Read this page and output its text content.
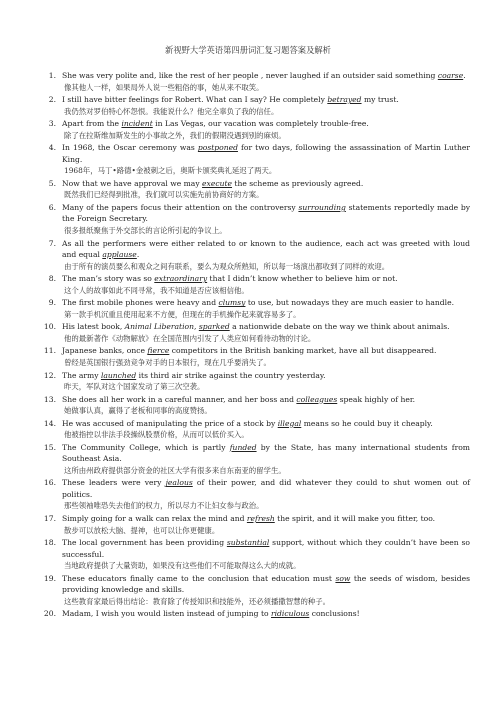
新视野大学英语第四册词汇复习题答案及解析
1. She was very polite and, like the rest of her people , never laughed if an outsider said something coarse.
像其他人一样，如果局外人说一些粗俗的事，她从来不取笑。
2. I still have bitter feelings for Robert. What can I say? He completely betrayed my trust.
我仍然对罗伯特心怀怨恨。我能说什么？他完全辜负了我的信任。
3. Apart from the incident in Las Vegas, our vacation was completely trouble-free.
除了在拉斯维加斯发生的小事故之外，我们的假期没遇到别的麻烦。
4. In 1968, the Oscar ceremony was postponed for two days, following the assassination of Martin Luther King.
1968年，马丁•路德•金被刺之后，奥斯卡颁奖典礼延迟了两天。
5. Now that we have approval we may execute the scheme as previously agreed.
既然我们已经得到批准，我们就可以实施先前协商好的方案。
6. Many of the papers focus their attention on the controversy surrounding statements reportedly made by the Foreign Secretary.
很多报纸聚焦于外交部长的言论所引起的争议上。
7. As all the performers were either related to or known to the audience, each act was greeted with loud and equal applause.
由于所有的演员要么和观众之间有联系，要么为观众所熟知，所以每一场演出都收到了同样的欢迎。
8. The man’s story was so extraordinary that I didn’t know whether to believe him or not.
这个人的故事如此不同寻常，我不知道是否应该相信他。
9. The first mobile phones were heavy and clumsy to use, but nowadays they are much easier to handle.
第一款手机沉重且使用起来不方便，但现在的手机操作起来就容易多了。
10. His latest book, Animal Liberation, sparked a nationwide debate on the way we think about animals.
他的最新著作《动物解放》在全国范围内引发了人类应如何看待动物的讨论。
11. Japanese banks, once fierce competitors in the British banking market, have all but disappeared.
曾经是英国银行强劲竞争对手的日本银行，现在几乎要消失了。
12. The army launched its third air strike against the country yesterday.
昨天，军队对这个国家发动了第三次空袭。
13. She does all her work in a careful manner, and her boss and colleagues speak highly of her.
她做事认真，赢得了老板和同事的高度赞扬。
14. He was accused of manipulating the price of a stock by illegal means so he could buy it cheaply.
他被指控以非法手段操纵股票价格，从而可以低价买入。
15. The Community College, which is partly funded by the State, has many international students from Southeast Asia.
这所由州政府提供部分资金的社区大学有很多来自东南亚的留学生。
16. These leaders were very jealous of their power, and did whatever they could to shut women out of politics.
那些领袖唯恐失去他们的权力，所以尽力不让妇女参与政治。
17. Simply going for a walk can relax the mind and refresh the spirit, and it will make you fitter, too.
散步可以放松大脑、提神，也可以让你更健康。
18. The local government has been providing substantial support, without which they couldn’t have been so successful.
当地政府提供了大量资助，如果没有这些他们不可能取得这么大的成就。
19. These educators finally came to the conclusion that education must sow the seeds of wisdom, besides providing knowledge and skills.
这些教育家最后得出结论：教育除了传授知识和技能外，还必须播撒智慧的种子。
20. Madam, I wish you would listen instead of jumping to ridiculous conclusions!
